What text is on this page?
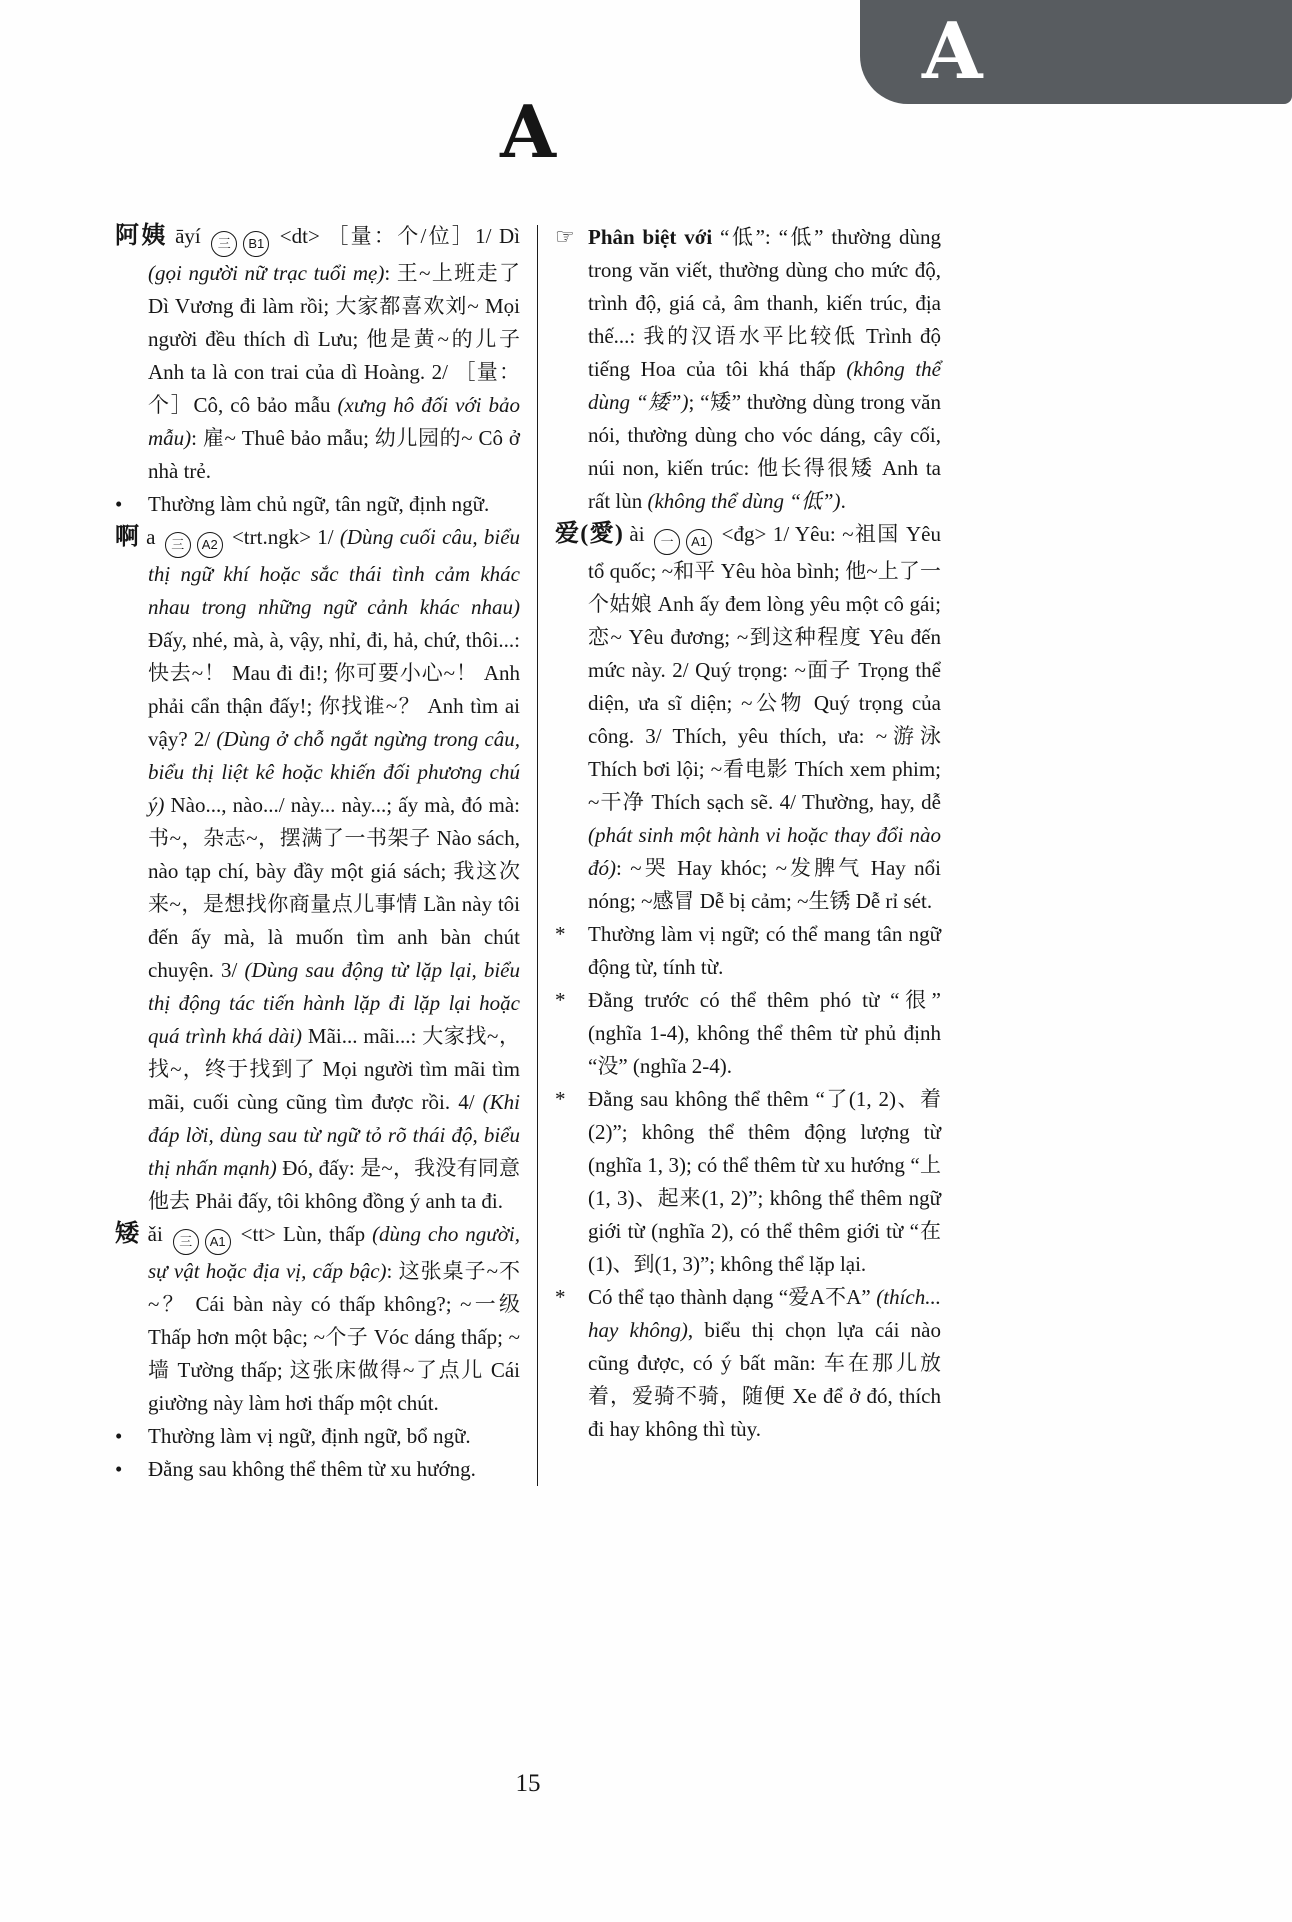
A
A
阿姨 āyí 三 B1 <dt> ［量：个/位］1/ Dì (gọi người nữ trạc tuổi mẹ): 王~上班走了 Dì Vương đi làm rồi; 大家都喜欢刘~ Mọi người đều thích dì Lưu; 他是黄~的儿子 Anh ta là con trai của dì Hoàng. 2/ ［量：个］Cô, cô bảo mẫu (xưng hô đối với bảo mẫu): 雇~ Thuê bảo mẫu; 幼儿园的~ Cô ở nhà trẻ.
• Thường làm chủ ngữ, tân ngữ, định ngữ.
啊 a 三 A2 <trt.ngk> 1/ (Dùng cuối câu, biểu thị ngữ khí hoặc sắc thái tình cảm khác nhau trong những ngữ cảnh khác nhau) Đấy, nhé, mà, à, vậy, nhỉ, đi, hả, chứ, thôi...: 快去~！ Mau đi đi!; 你可要小心~！ Anh phải cẩn thận đấy!; 你找谁~？ Anh tìm ai vậy? 2/ (Dùng ở chỗ ngắt ngừng trong câu, biểu thị liệt kê hoặc khiến đối phương chú ý) Nào..., nào.../ này... này...; ấy mà, đó mà: 书~，杂志~，摆满了一书架子 Nào sách, nào tạp chí, bày đầy một giá sách; 我这次来~，是想找你商量点儿事情 Lần này tôi đến ấy mà, là muốn tìm anh bàn chút chuyện. 3/ (Dùng sau động từ lặp lại, biểu thị động tác tiến hành lặp đi lặp lại hoặc quá trình khá dài) Mãi... mãi...: 大家找~，找~，终于找到了 Mọi người tìm mãi tìm mãi, cuối cùng cũng tìm được rồi. 4/ (Khi đáp lời, dùng sau từ ngữ tỏ rõ thái độ, biểu thị nhấn mạnh) Đó, đấy: 是~，我没有同意他去 Phải đấy, tôi không đồng ý anh ta đi.
矮 ǎi 三 A1 <tt> Lùn, thấp (dùng cho người, sự vật hoặc địa vị, cấp bậc): 这张桌子~不~？ Cái bàn này có thấp không?; ~一级 Thấp hơn một bậc; ~个子 Vóc dáng thấp; ~墙 Tường thấp; 这张床做得~了点儿 Cái giường này làm hơi thấp một chút.
• Thường làm vị ngữ, định ngữ, bổ ngữ.
• Đằng sau không thể thêm từ xu hướng.
☞ Phân biệt với “低”: “低” thường dùng trong văn viết, thường dùng cho mức độ, trình độ, giá cả, âm thanh, kiến trúc, địa thế...: 我的汉语水平比较低 Trình độ tiếng Hoa của tôi khá thấp (không thể dùng “矮”); “矮” thường dùng trong văn nói, thường dùng cho vóc dáng, cây cối, núi non, kiến trúc: 他长得很矮 Anh ta rất lùn (không thể dùng “低”).
爱(愛) ài 一 A1 <đg> 1/ Yêu: ~祖国 Yêu tổ quốc; ~和平 Yêu hòa bình; 他~上了一个姑娘 Anh ấy đem lòng yêu một cô gái; 恋~ Yêu đương; ~到这种程度 Yêu đến mức này. 2/ Quý trọng: ~面子 Trọng thể diện, ưa sĩ diện; ~公物 Quý trọng của công. 3/ Thích, yêu thích, ưa: ~游泳 Thích bơi lội; ~看电影 Thích xem phim; ~干净 Thích sạch sẽ. 4/ Thường, hay, dễ (phát sinh một hành vi hoặc thay đổi nào đó): ~哭 Hay khóc; ~发脾气 Hay nổi nóng; ~感冒 Dễ bị cảm; ~生锈 Dễ rỉ sét.
* Thường làm vị ngữ; có thể mang tân ngữ động từ, tính từ.
* Đằng trước có thể thêm phó từ “很” (nghĩa 1-4), không thể thêm từ phủ định “没” (nghĩa 2-4).
* Đằng sau không thể thêm “了(1, 2)、着(2)”; không thể thêm động lượng từ (nghĩa 1, 3); có thể thêm từ xu hướng “上(1, 3)、起来(1, 2)”; không thể thêm ngữ giới từ (nghĩa 2), có thể thêm giới từ “在(1)、到(1, 3)”; không thể lặp lại.
* Có thể tạo thành dạng “爱A不A” (thích... hay không), biểu thị chọn lựa cái nào cũng được, có ý bất mãn: 车在那儿放着，爱骑不骑，随便 Xe để ở đó, thích đi hay không thì tùy.
15
